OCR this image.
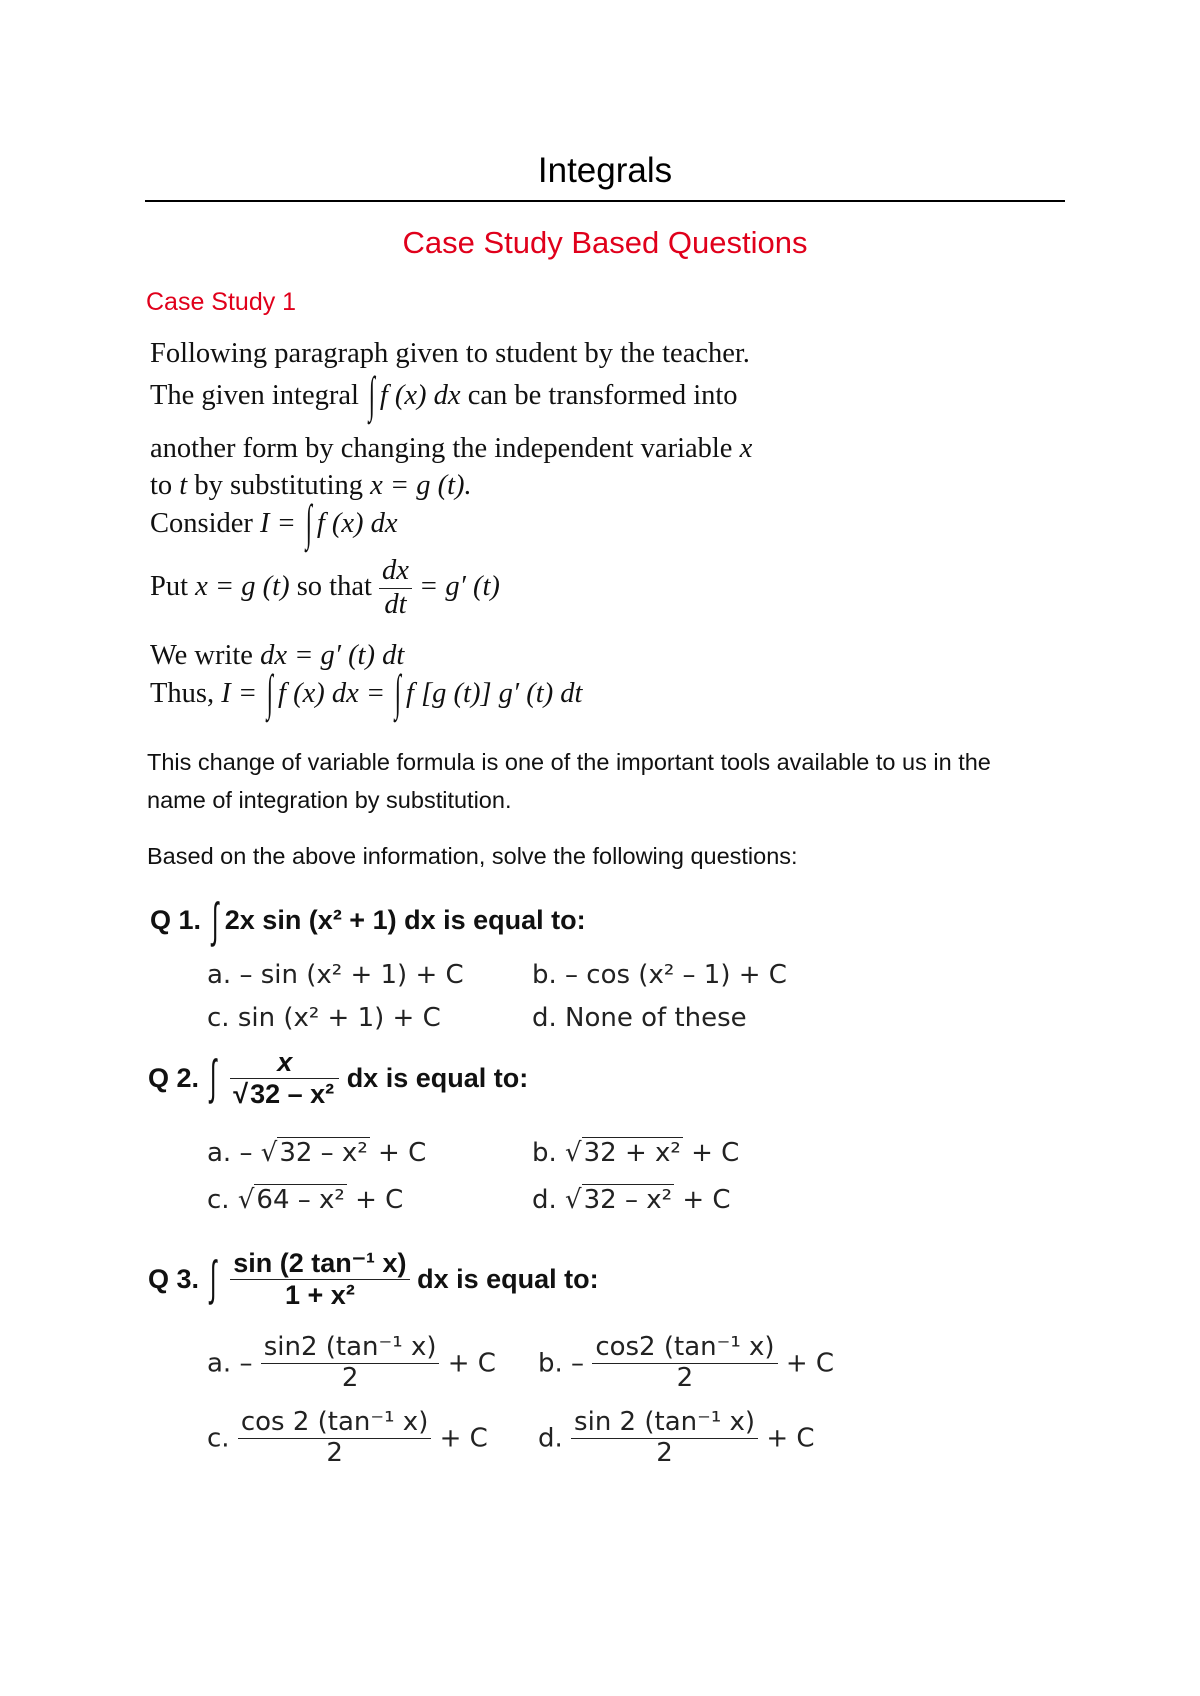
Integrals
Case Study Based Questions
Case Study 1
Following paragraph given to student by the teacher.
The given integral ∫ f (x) dx can be transformed into
another form by changing the independent variable x
to t by substituting x = g (t).
Consider I = ∫ f (x) dx
Put x = g (t) so that $\frac{dx}{dt} = g'$ (t)
We write dx = g′ (t) dt
Thus, I = ∫ f (x) dx = ∫ f [g (t)] g′ (t) dt
This change of variable formula is one of the important tools available to us in the
name of integration by substitution.
Based on the above information, solve the following questions:
Q 1. ∫ 2x sin (x² + 1) dx is equal to:
a. – sin (x² + 1) + C	b. – cos (x² – 1) + C
c. sin (x² + 1) + C	d. None of these
Q 2. ∫ $\frac{x}{\text{√32 – x²}}$ dx is equal to:
a. – √32 – x² + C	b. √32 + x² + C
c. √64 – x² + C	d. √32 – x² + C
Q 3. ∫ $\frac{\text{sin (2 tan⁻¹ x)}}{\text{1 + x²}}$ dx is equal to:
a. – $\frac{\text{sin2 (tan⁻¹ x)}}{2} + C$ b. – $\frac{\text{cos2 (tan⁻¹ x)}}{2} + C$
c. $\frac{\text{cos 2 (tan⁻¹ x)}}{2} + C$ d. $\frac{\text{sin 2 (tan⁻¹ x)}}{2} + C$
